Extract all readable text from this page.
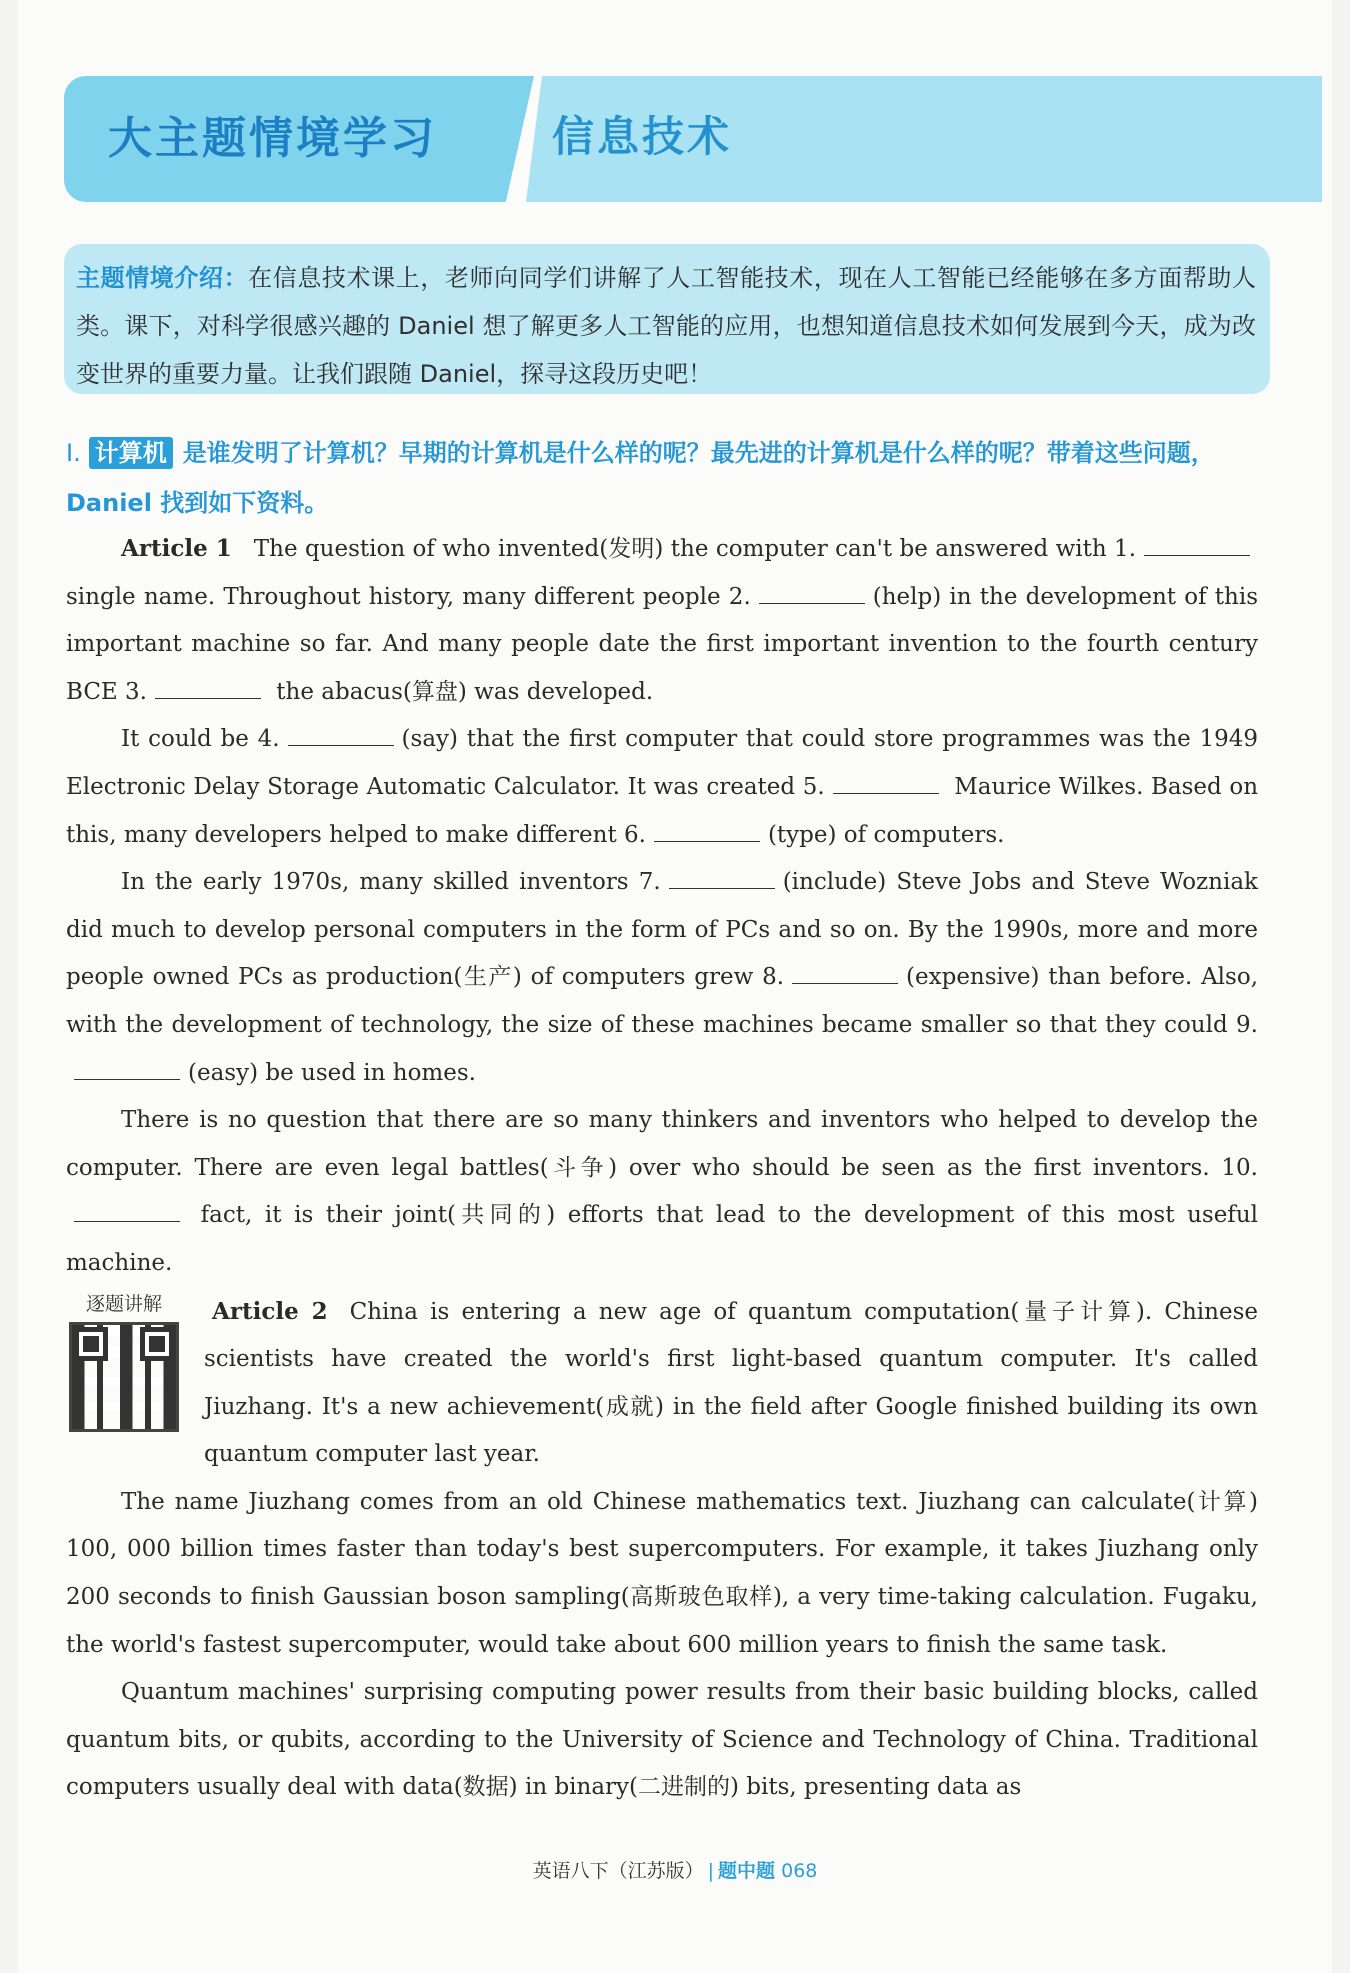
大主题情境学习	信息技术
主题情境介绍：在信息技术课上，老师向同学们讲解了人工智能技术，现在人工智能已经能够在多方面帮助人类。课下，对科学很感兴趣的 Daniel 想了解更多人工智能的应用，也想知道信息技术如何发展到今天，成为改变世界的重要力量。让我们跟随 Daniel，探寻这段历史吧！
Ⅰ. 计算机 是谁发明了计算机？早期的计算机是什么样的呢？最先进的计算机是什么样的呢？带着这些问题，Daniel 找到如下资料。

Article 1 The question of who invented(发明) the computer can't be answered with 1. single name. Throughout history, many different people 2.	(help) in the development of this important machine so far. And many people date the first important invention to the fourth century BCE 3.	the abacus(算盘) was developed.

It could be 4.	(say) that the first computer that could store programmes was the 1949 Electronic Delay Storage Automatic Calculator. It was created 5.	Maurice Wilkes. Based on this, many developers helped to make different 6.	(type) of computers.

In the early 1970s, many skilled inventors 7.	(include) Steve Jobs and Steve Wozniak did much to develop personal computers in the form of PCs and so on. By the 1990s, more and more people owned PCs as production(生产) of computers grew 8.	(expensive) than before. Also, with the development of technology, the size of these machines became smaller so that they could 9.(easy) be used in homes.

There is no question that there are so many thinkers and inventors who helped to develop the computer. There are even legal battles(斗争) over who should be seen as the first inventors. 10. fact, it is their joint(共同的) efforts that lead to the development of this most useful machine.

逐题讲解	Article 2 China is entering a new age of quantum computation(量子计算). Chinese scientists have created the world's first light-based quantum computer. It's called Jiuzhang. It's a new achievement(成就) in the field after Google finished building its own quantum computer last year.

The name Jiuzhang comes from an old Chinese mathematics text. Jiuzhang can calculate(计算) 100, 000 billion times faster than today's best supercomputers. For example, it takes Jiuzhang only 200 seconds to finish Gaussian boson sampling(高斯玻色取样), a very time-taking calculation. Fugaku, the world's fastest supercomputer, would take about 600 million years to finish the same task.

Quantum machines' surprising computing power results from their basic building blocks, called quantum bits, or qubits, according to the University of Science and Technology of China. Traditional computers usually deal with data(数据) in binary(二进制的) bits, presenting data as

英语八下（江苏版） | 题中题 068
